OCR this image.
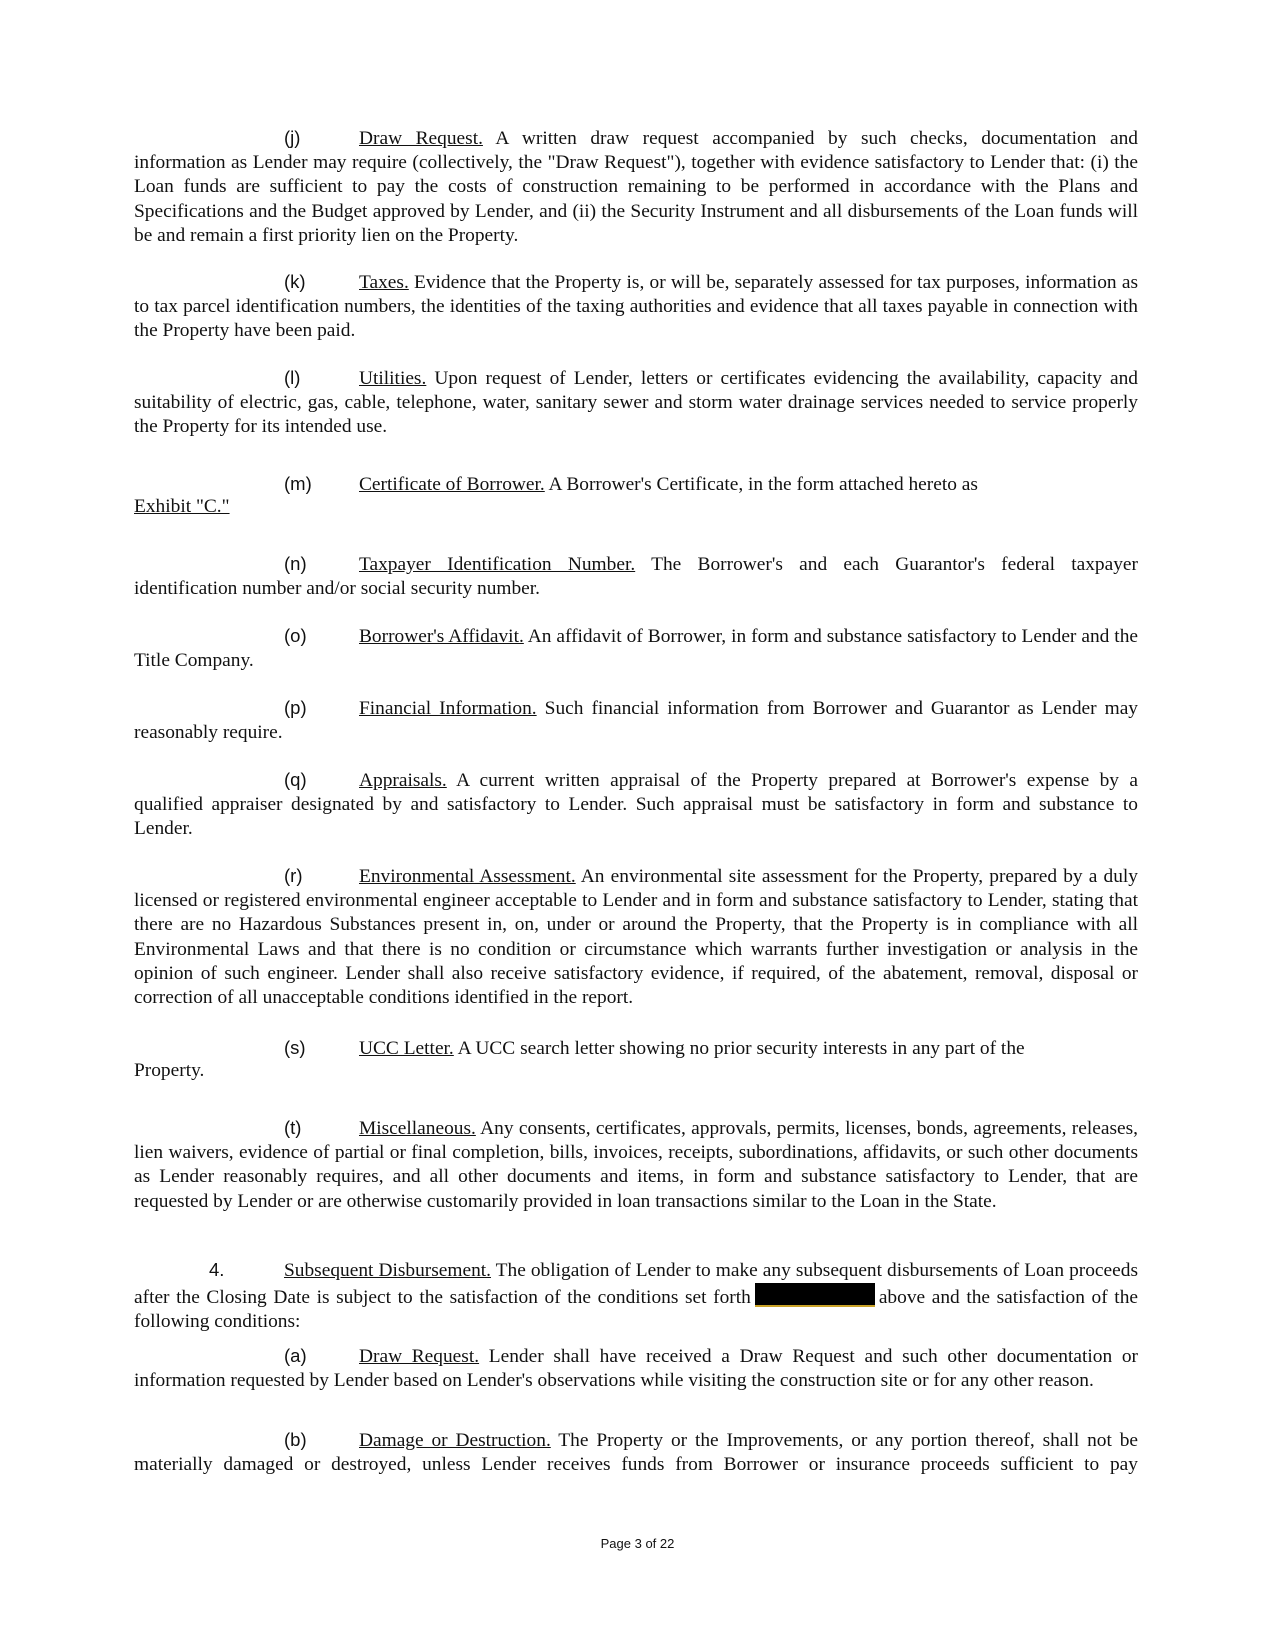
(j)	Draw Request. A written draw request accompanied by such checks, documentation and information as Lender may require (collectively, the "Draw Request"), together with evidence satisfactory to Lender that: (i) the Loan funds are sufficient to pay the costs of construction remaining to be performed in accordance with the Plans and Specifications and the Budget approved by Lender, and (ii) the Security Instrument and all disbursements of the Loan funds will be and remain a first priority lien on the Property.

(k)	Taxes. Evidence that the Property is, or will be, separately assessed for tax purposes, information as to tax parcel identification numbers, the identities of the taxing authorities and evidence that all taxes payable in connection with the Property have been paid.

(l)	Utilities. Upon request of Lender, letters or certificates evidencing the availability, capacity and suitability of electric, gas, cable, telephone, water, sanitary sewer and storm water drainage services needed to service properly the Property for its intended use.

(m) Certificate of Borrower. A Borrower's Certificate, in the form attached hereto as

Exhibit "C."

(n)	Taxpayer Identification Number. The Borrower's and each Guarantor's federal taxpayer identification number and/or social security number.

(o)	Borrower's Affidavit. An affidavit of Borrower, in form and substance satisfactory to Lender and the Title Company.

(p)	Financial Information. Such financial information from Borrower and Guarantor as Lender may reasonably require.

(q)	Appraisals. A current written appraisal of the Property prepared at Borrower's expense by a qualified appraiser designated by and satisfactory to Lender. Such appraisal must be satisfactory in form and substance to Lender.

(r)	Environmental Assessment. An environmental site assessment for the Property, prepared by a duly licensed or registered environmental engineer acceptable to Lender and in form and substance satisfactory to Lender, stating that there are no Hazardous Substances present in, on, under or around the Property, that the Property is in compliance with all Environmental Laws and that there is no condition or circumstance which warrants further investigation or analysis in the opinion of such engineer. Lender shall also receive satisfactory evidence, if required, of the abatement, removal, disposal or correction of all unacceptable conditions identified in the report.

(s)	UCC Letter. A UCC search letter showing no prior security interests in any part of the

Property.

(t)	Miscellaneous. Any consents, certificates, approvals, permits, licenses, bonds, agreements, releases, lien waivers, evidence of partial or final completion, bills, invoices, receipts, subordinations, affidavits, or such other documents as Lender reasonably requires, and all other documents and items, in form and substance satisfactory to Lender, that are requested by Lender or are otherwise customarily provided in loan transactions similar to the Loan in the State.

4.	Subsequent Disbursement. The obligation of Lender to make any subsequent disbursements of Loan proceeds after the Closing Date is subject to the satisfaction of the conditions set forth	above and the satisfaction of the following conditions:

(a)	Draw Request. Lender shall have received a Draw Request and such other documentation or information requested by Lender based on Lender's observations while visiting the construction site or for any other reason.

(b)	Damage or Destruction. The Property or the Improvements, or any portion thereof, shall not be materially damaged or destroyed, unless Lender receives funds from Borrower or insurance proceeds sufficient to pay

Page 3 of 22
